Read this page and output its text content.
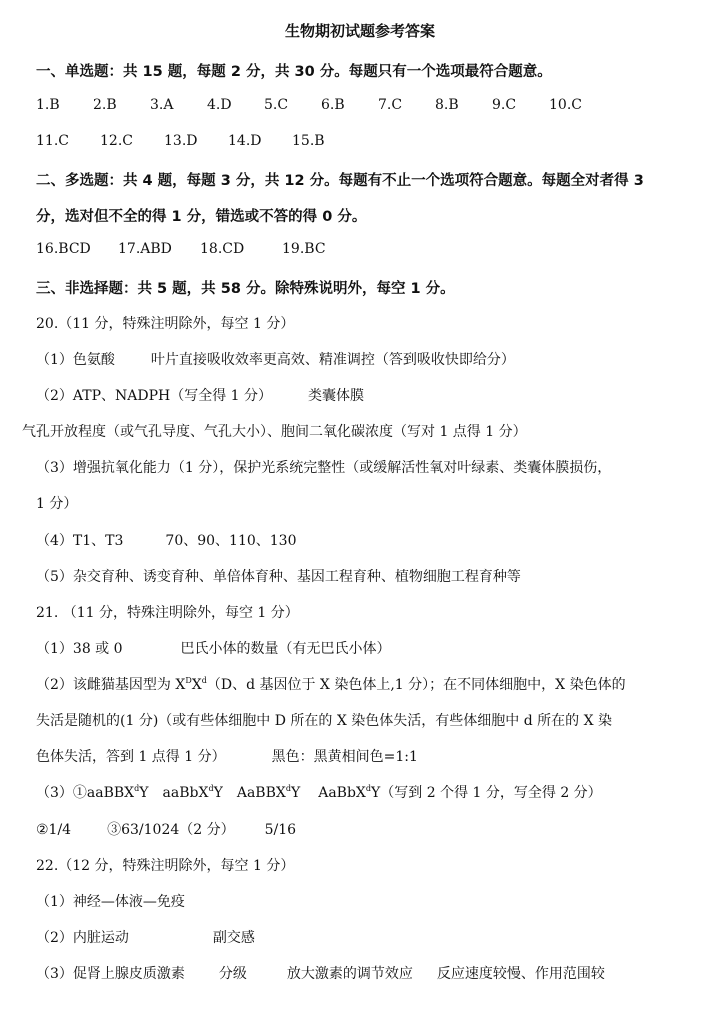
生物期初试题参考答案
一、单选题：共 15 题，每题 2 分，共 30 分。每题只有一个选项最符合题意。
1.B	2.B	3.A	4.D	5.C	6.B	7.C	8.B	9.C	10.C
11.C	12.C	13.D	14.D	15.B
二、多选题：共 4 题，每题 3 分，共 12 分。每题有不止一个选项符合题意。每题全对者得 3
分，选对但不全的得 1 分，错选或不答的得 0 分。
16.BCD	17.ABD	18.CD	19.BC
三、非选择题：共 5 题，共 58 分。除特殊说明外，每空 1 分。
20.（11 分，特殊注明除外，每空 1 分）
（1）色氨酸	叶片直接吸收效率更高效、精准调控（答到吸收快即给分）
（2）ATP、NADPH（写全得 1 分）	类囊体膜
气孔开放程度（或气孔导度、气孔大小）、胞间二氧化碳浓度（写对 1 点得 1 分）
（3）增强抗氧化能力（1 分），保护光系统完整性（或缓解活性氧对叶绿素、类囊体膜损伤，
1 分）
（4）T1、T3	70、90、110、130
（5）杂交育种、诱变育种、单倍体育种、基因工程育种、植物细胞工程育种等
21. （11 分，特殊注明除外，每空 1 分）
（1）38 或 0	巴氏小体的数量（有无巴氏小体）
（2）该雌猫基因型为 $X^DX^d(D$、d 基因位于 X 染色体上,1 分）；在不同体细胞中，X 染色体的
失活是随机的(1 分)（或有些体细胞中 D 所在的 X 染色体失活，有些体细胞中 d 所在的 X 染
色体失活，答到 1 点得 1 分）	黑色：黑黄相间色=1:1
（3）①aaBBX$^d$Y aaBbX$^d$Y AaBBX$^d$Y AaBbX$^d$Y（写到 2 个得 1 分，写全得 2 分）
②1/4	③63/1024（2 分） 5/16
22.（12 分，特殊注明除外，每空 1 分）
（1）神经—体液—免疫
（2）内脏运动	副交感
（3）促肾上腺皮质激素 分级	放大激素的调节效应 反应速度较慢、作用范围较
